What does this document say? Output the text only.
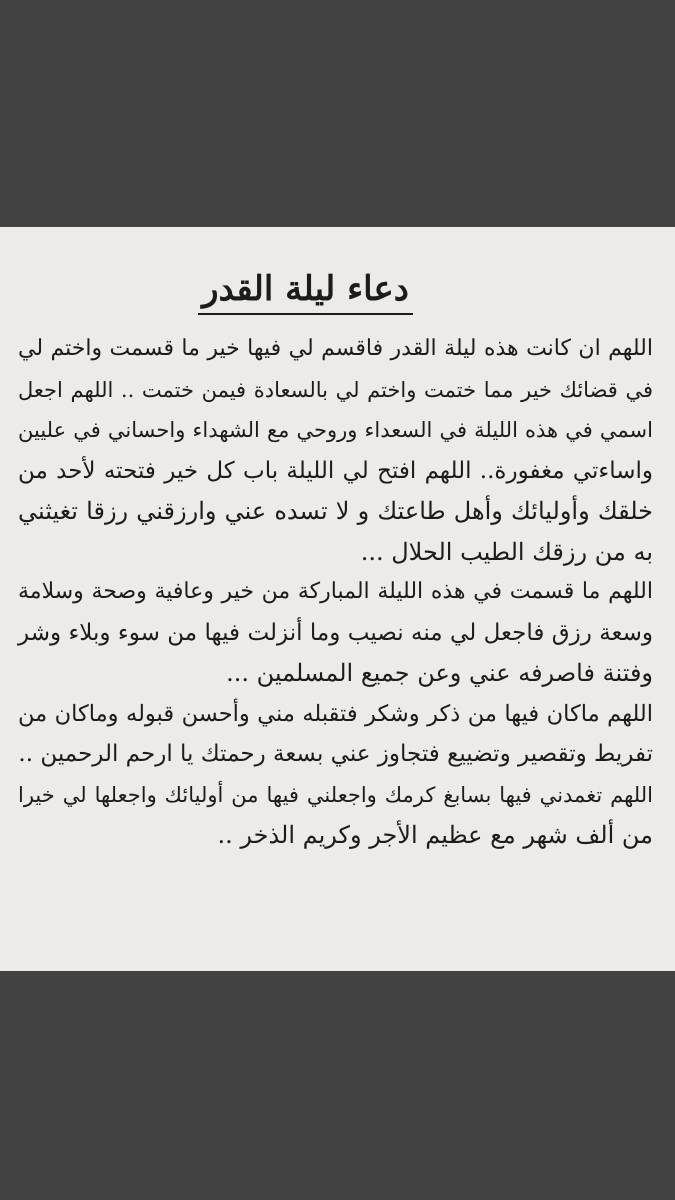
دعاء ليلة القدر
اللهم ان كانت هذه ليلة القدر فاقسم لي فيها خير ما قسمت واختم لي
في قضائك خير مما ختمت واختم لي بالسعادة فيمن ختمت .. اللهم اجعل
اسمي في هذه الليلة في السعداء وروحي مع الشهداء واحساني في عليين
واساءتي مغفورة.. اللهم افتح لي الليلة باب كل خير فتحته لأحد من
خلقك وأوليائك وأهل طاعتك و لا تسده عني وارزقني رزقا تغيثني
به من رزقك الطيب الحلال ...
اللهم ما قسمت في هذه الليلة المباركة من خير وعافية وصحة وسلامة
وسعة رزق فاجعل لي منه نصيب وما أنزلت فيها من سوء وبلاء وشر
وفتنة فاصرفه عني وعن جميع المسلمين ...
اللهم ماكان فيها من ذكر وشكر فتقبله مني وأحسن قبوله وماكان من
تفريط وتقصير وتضييع فتجاوز عني بسعة رحمتك يا ارحم الرحمين ..
اللهم تغمدني فيها بسابغ كرمك واجعلني فيها من أوليائك واجعلها لي خيرا
من ألف شهر مع عظيم الأجر وكريم الذخر ..
